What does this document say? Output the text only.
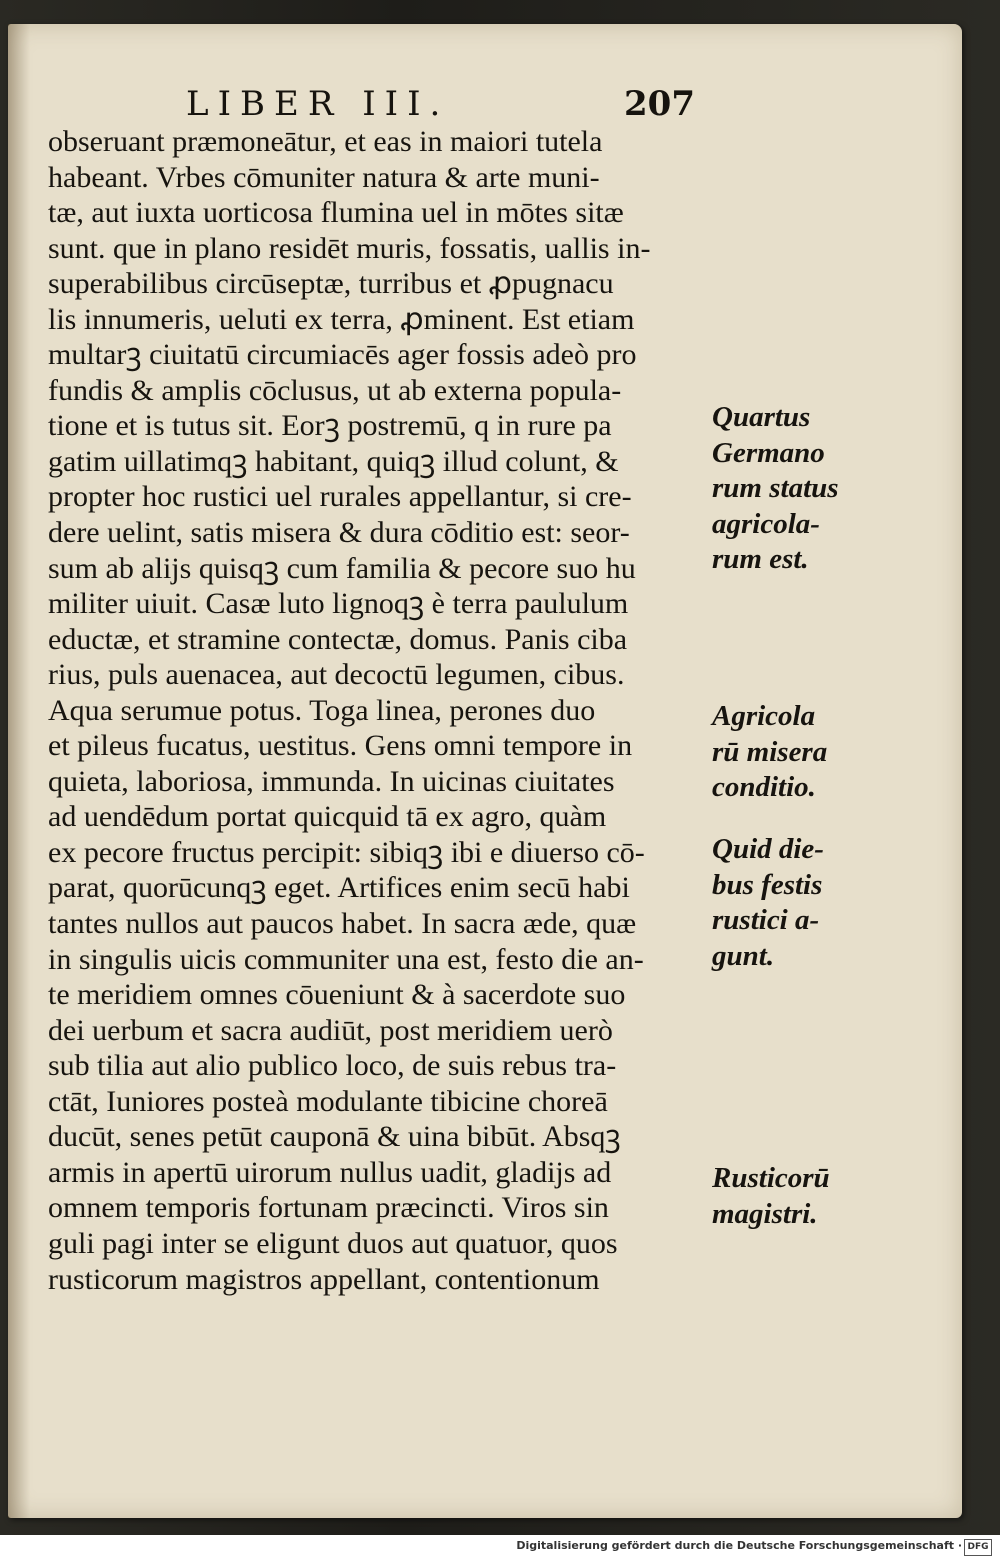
LIBER III.	207
obseruant præmoneātur, et eas in maiori tutela
habeant. Vrbes cōmuniter natura & arte muni-
tæ, aut iuxta uorticosa flumina uel in mōtes sitæ
sunt. que in plano residēt muris, fossatis, uallis in-
superabilibus circūseptæ, turribus et ꝓpugnacu
lis innumeris, ueluti ex terra, ꝓminent. Est etiam
multarꝫ ciuitatū circumiacēs ager fossis adeò pro
fundis & amplis cōclusus, ut ab externa popula-
tione et is tutus sit. Eorꝫ postremū, q in rure pa
gatim uillatimqꝫ habitant, quiqꝫ illud colunt, &
propter hoc rustici uel rurales appellantur, si cre-
dere uelint, satis misera & dura cōditio est: seor-
sum ab alijs quisqꝫ cum familia & pecore suo hu
militer uiuit. Casæ luto lignoqꝫ è terra paululum
eductæ, et stramine contectæ, domus. Panis ciba
rius, puls auenacea, aut decoctū legumen, cibus.
Aqua serumue potus. Toga linea, perones duo
et pileus fucatus, uestitus. Gens omni tempore in
quieta, laboriosa, immunda. In uicinas ciuitates
ad uendēdum portat quicquid tā ex agro, quàm
ex pecore fructus percipit: sibiqꝫ ibi e diuerso cō-
parat, quorūcunqꝫ eget. Artifices enim secū habi
tantes nullos aut paucos habet. In sacra æde, quæ
in singulis uicis communiter una est, festo die an-
te meridiem omnes cōueniunt & à sacerdote suo
dei uerbum et sacra audiūt, post meridiem uerò
sub tilia aut alio publico loco, de suis rebus tra-
ctāt, Iuniores posteà modulante tibicine choreā
ducūt, senes petūt cauponā & uina bibūt. Absqꝫ
armis in apertū uirorum nullus uadit, gladijs ad
omnem temporis fortunam præcincti. Viros sin
guli pagi inter se eligunt duos aut quatuor, quos
rusticorum magistros appellant, contentionum
Quartus
Germano
rum status
agricola-
rum est.
Agricola
rū misera
conditio.
Quid die-
bus festis
rustici a-
gunt.
Rusticorū
magistri.
Digitalisierung gefördert durch die Deutsche Forschungsgemeinschaft · DFG
